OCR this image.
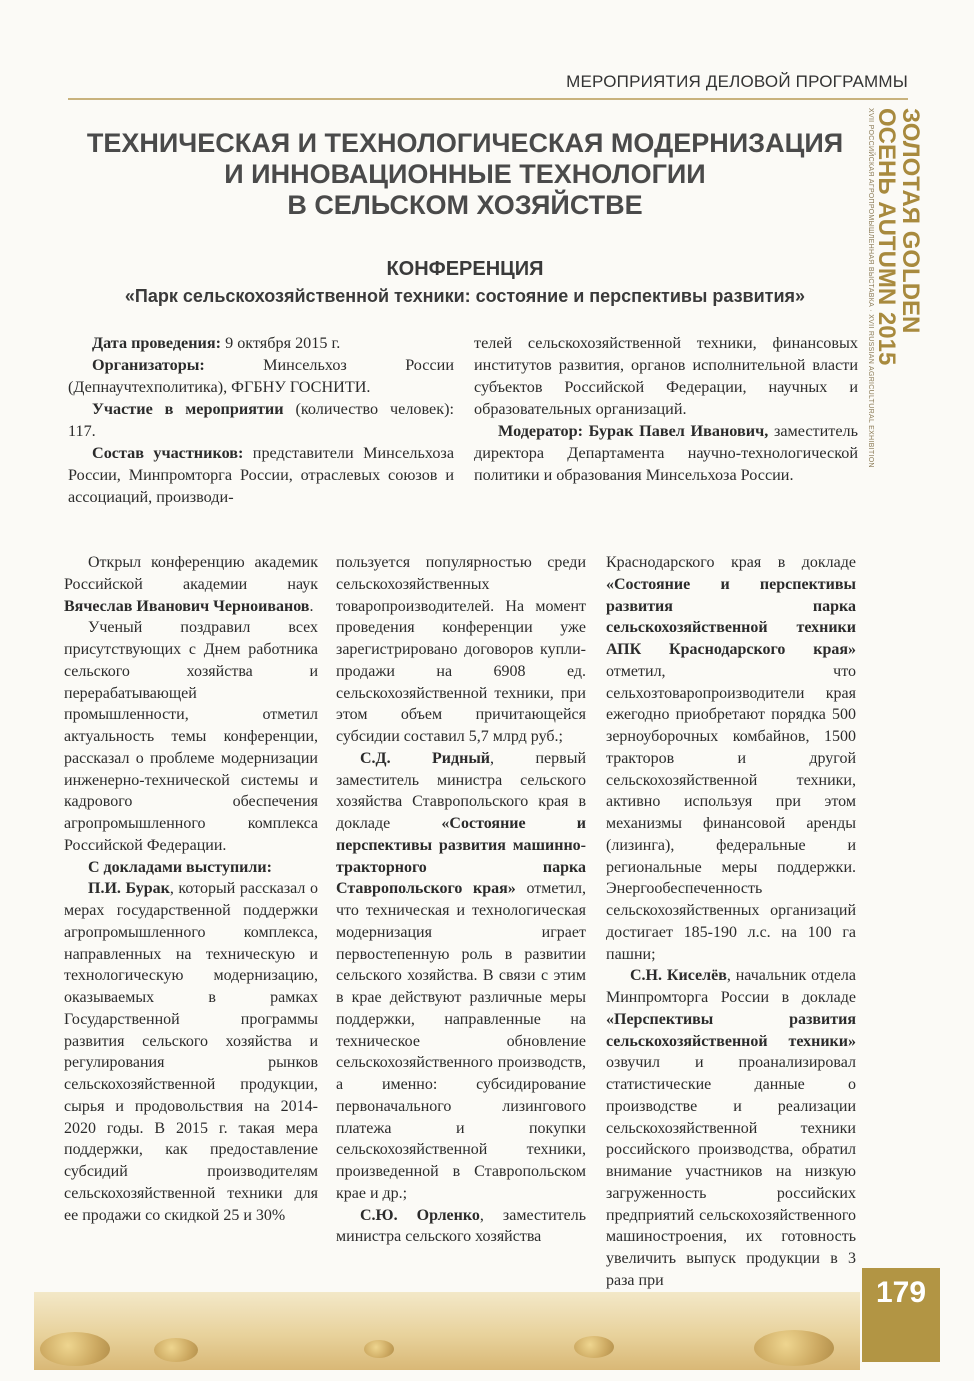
МЕРОПРИЯТИЯ ДЕЛОВОЙ ПРОГРАММЫ
ЗОЛОТАЯ GOLDEN
ОСЕНЬ AUTUMN 2015
XVII РОССИЙСКАЯ АГРОПРОМЫШЛЕННАЯ ВЫСТАВКА · XVII RUSSIAN AGRICULTURAL EXHIBITION
ТЕХНИЧЕСКАЯ И ТЕХНОЛОГИЧЕСКАЯ МОДЕРНИЗАЦИЯ
И ИННОВАЦИОННЫЕ ТЕХНОЛОГИИ
В СЕЛЬСКОМ ХОЗЯЙСТВЕ
КОНФЕРЕНЦИЯ
«Парк сельскохозяйственной техники: состояние и перспективы развития»

Дата проведения: 9 октября 2015 г.

Организаторы: Минсельхоз России (Депнаучтехполитика), ФГБНУ ГОСНИТИ.

Участие в мероприятии (количество человек): 117.

Состав участников: представители Минсельхоза России, Минпромторга России, отраслевых союзов и ассоциаций, производи-

телей сельскохозяйственной техники, финансовых институтов развития, органов исполнительной власти субъектов Российской Федерации, научных и образовательных организаций.

Модератор: Бурак Павел Иванович, заместитель директора Департамента научно-технологической политики и образования Минсельхоза России.

Открыл конференцию академик Российской академии наук Вячеслав Иванович Черноиванов.

Ученый поздравил всех присутствующих с Днем работника сельского хозяйства и перерабатывающей промышленности, отметил актуальность темы конференции, рассказал о проблеме модернизации инженерно-технической системы и кадрового обеспечения агропромышленного комплекса Российской Федерации.

С докладами выступили:

П.И. Бурак, который рассказал о мерах государственной поддержки агропромышленного комплекса, направленных на техническую и технологическую модернизацию, оказываемых в рамках Государственной программы развития сельского хозяйства и регулирования рынков сельскохозяйственной продукции, сырья и продовольствия на 2014-2020 годы. В 2015 г. такая мера поддержки, как предоставление субсидий производителям сельскохозяйственной техники для ее продажи со скидкой 25 и 30%

пользуется популярностью среди сельскохозяйственных товаропроизводителей. На момент проведения конференции уже зарегистрировано договоров купли-продажи на 6908 ед. сельскохозяйственной техники, при этом объем причитающейся субсидии составил 5,7 млрд руб.;

С.Д. Ридный, первый заместитель министра сельского хозяйства Ставропольского края в докладе «Состояние и перспективы развития машинно-тракторного парка Ставропольского края» отметил, что техническая и технологическая модернизация играет первостепенную роль в развитии сельского хозяйства. В связи с этим в крае действуют различные меры поддержки, направленные на техническое обновление сельскохозяйственного производств, а именно: субсидирование первоначального лизингового платежа и покупки сельскохозяйственной техники, произведенной в Ставропольском крае и др.;

С.Ю. Орленко, заместитель министра сельского хозяйства

Краснодарского края в докладе «Состояние и перспективы развития парка сельскохозяйственной техники АПК Краснодарского края» отметил, что сельхозтоваропроизводители края ежегодно приобретают порядка 500 зерноуборочных комбайнов, 1500 тракторов и другой сельскохозяйственной техники, активно используя при этом механизмы финансовой аренды (лизинга), федеральные и региональные меры поддержки. Энергообеспеченность сельскохозяйственных организаций достигает 185-190 л.с. на 100 га пашни;

С.Н. Киселёв, начальник отдела Минпромторга России в докладе «Перспективы развития сельскохозяйственной техники» озвучил и проанализировал статистические данные о производстве и реализации сельскохозяйственной техники российского производства, обратил внимание участников на низкую загруженность российских предприятий сельскохозяйственного машиностроения, их готовность увеличить выпуск продукции в 3 раза при	179
